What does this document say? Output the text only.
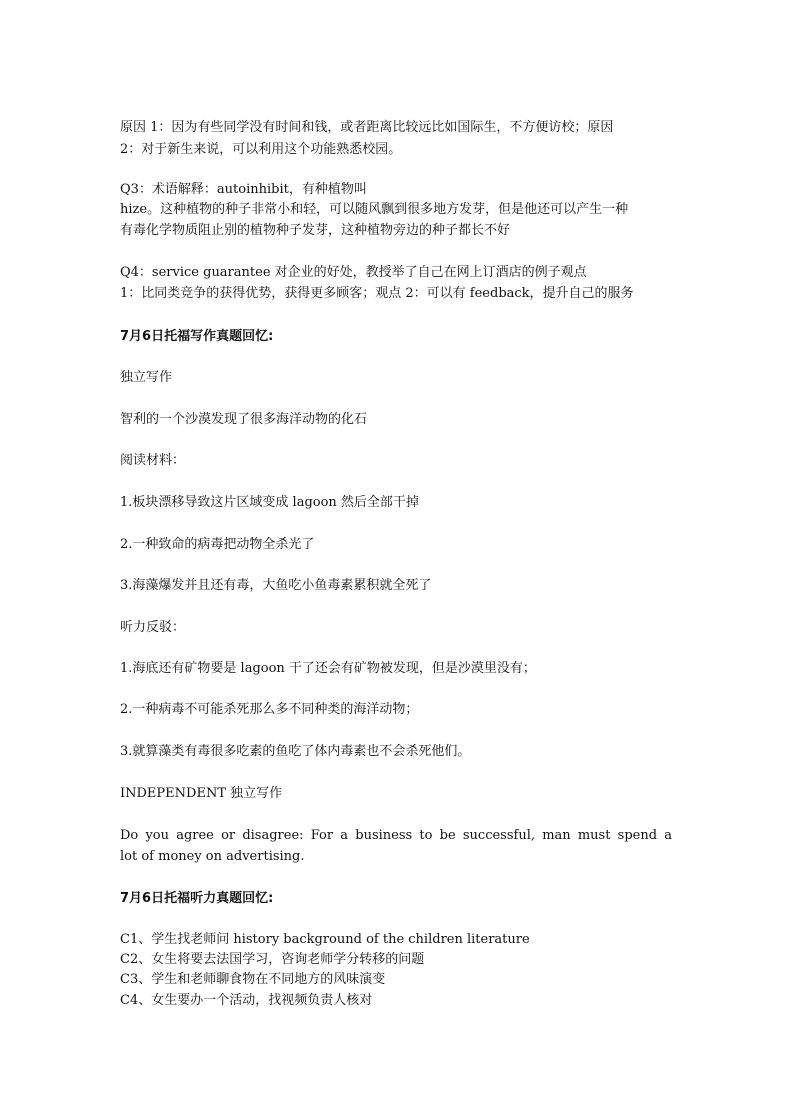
原因 1：因为有些同学没有时间和钱，或者距离比较远比如国际生，不方便访校；原因
2：对于新生来说，可以利用这个功能熟悉校园。
Q3：术语解释：autoinhibit，有种植物叫
hize。这种植物的种子非常小和轻，可以随风飘到很多地方发芽，但是他还可以产生一种
有毒化学物质阻止别的植物种子发芽，这种植物旁边的种子都长不好
Q4：service guarantee 对企业的好处，教授举了自己在网上订酒店的例子观点
1：比同类竞争的获得优势，获得更多顾客；观点 2：可以有 feedback，提升自己的服务
7月6日托福写作真题回忆:
独立写作
智利的一个沙漠发现了很多海洋动物的化石
阅读材料：
1.板块漂移导致这片区域变成 lagoon 然后全部干掉
2.一种致命的病毒把动物全杀光了
3.海藻爆发并且还有毒，大鱼吃小鱼毒素累积就全死了
听力反驳：
1.海底还有矿物要是 lagoon 干了还会有矿物被发现，但是沙漠里没有；
2.一种病毒不可能杀死那么多不同种类的海洋动物；
3.就算藻类有毒很多吃素的鱼吃了体内毒素也不会杀死他们。
INDEPENDENT 独立写作
Do you agree or disagree: For a business to be successful, man must spend a
lot of money on advertising.
7月6日托福听力真题回忆:
C1、学生找老师问 history background of the children literature
C2、女生将要去法国学习，咨询老师学分转移的问题
C3、学生和老师聊食物在不同地方的风味演变
C4、女生要办一个活动，找视频负责人核对
